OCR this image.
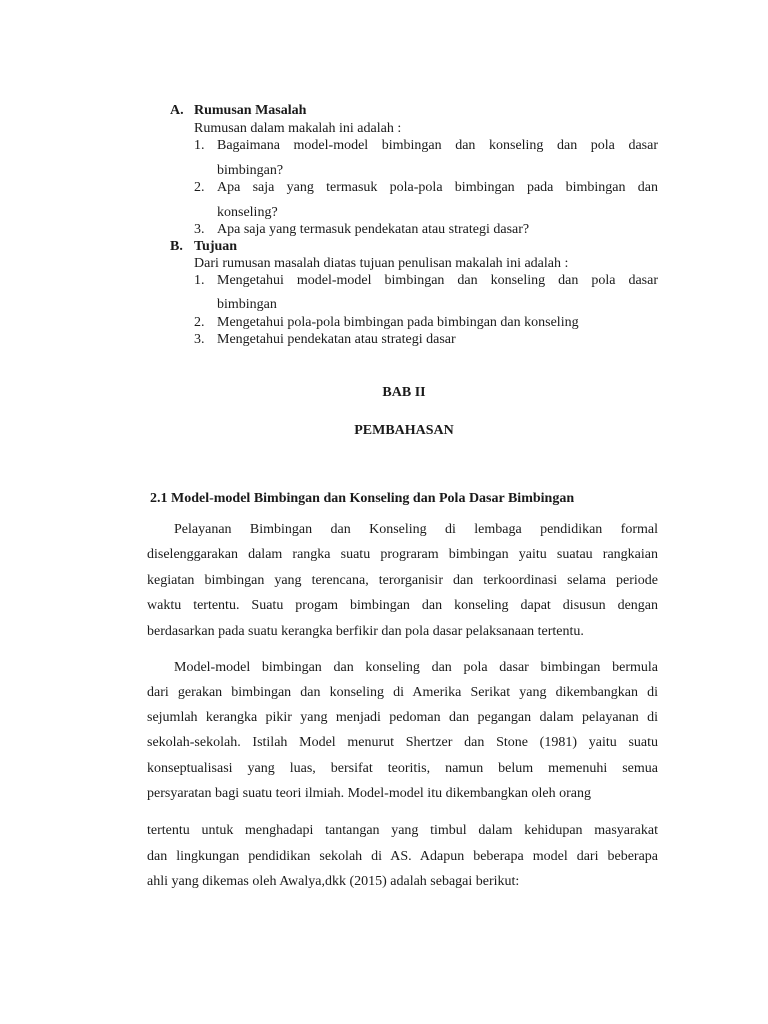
A. Rumusan Masalah
Rumusan dalam makalah ini adalah :
1. Bagaimana model-model bimbingan dan konseling dan pola dasar
bimbingan?
2. Apa saja yang termasuk pola-pola bimbingan pada bimbingan dan
konseling?
3. Apa saja yang termasuk pendekatan atau strategi dasar?
B. Tujuan
Dari rumusan masalah diatas tujuan penulisan makalah ini adalah :
1. Mengetahui model-model bimbingan dan konseling dan pola dasar
bimbingan
2. Mengetahui pola-pola bimbingan pada bimbingan dan konseling
3. Mengetahui pendekatan atau strategi dasar
BAB II
PEMBAHASAN
2.1 Model-model Bimbingan dan Konseling dan Pola Dasar Bimbingan
Pelayanan Bimbingan dan Konseling di lembaga pendidikan formal
diselenggarakan dalam rangka suatu prograram bimbingan yaitu suatau rangkaian
kegiatan bimbingan yang terencana, terorganisir dan terkoordinasi selama periode
waktu tertentu. Suatu progam bimbingan dan konseling dapat disusun dengan
berdasarkan pada suatu kerangka berfikir dan pola dasar pelaksanaan tertentu.
Model-model bimbingan dan konseling dan pola dasar bimbingan bermula
dari gerakan bimbingan dan konseling di Amerika Serikat yang dikembangkan di
sejumlah kerangka pikir yang menjadi pedoman dan pegangan dalam pelayanan di
sekolah-sekolah. Istilah Model menurut Shertzer dan Stone (1981) yaitu suatu
konseptualisasi yang luas, bersifat teoritis, namun belum memenuhi semua
persyaratan bagi suatu teori ilmiah. Model-model itu dikembangkan oleh orang
tertentu untuk menghadapi tantangan yang timbul dalam kehidupan masyarakat
dan lingkungan pendidikan sekolah di AS. Adapun beberapa model dari beberapa
ahli yang dikemas oleh Awalya,dkk (2015) adalah sebagai berikut:
